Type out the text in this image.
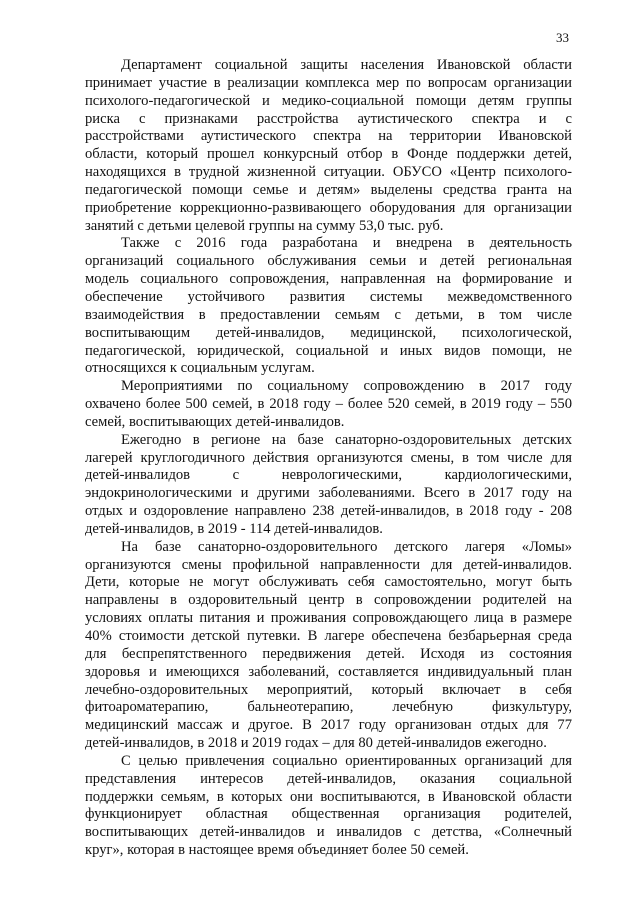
33
Департамент социальной защиты населения Ивановской области
принимает участие в реализации комплекса мер по вопросам организации
психолого-педагогической и медико-социальной помощи детям группы
риска с признаками расстройства аутистического спектра и с
расстройствами аутистического спектра на территории Ивановской
области, который прошел конкурсный отбор в Фонде поддержки детей,
находящихся в трудной жизненной ситуации. ОБУСО «Центр психолого-
педагогической помощи семье и детям» выделены средства гранта на
приобретение коррекционно-развивающего оборудования для организации
занятий с детьми целевой группы на сумму 53,0 тыс. руб.
Также с 2016 года разработана и внедрена в деятельность
организаций социального обслуживания семьи и детей региональная
модель социального сопровождения, направленная на формирование и
обеспечение устойчивого развития системы межведомственного
взаимодействия в предоставлении семьям с детьми, в том числе
воспитывающим детей-инвалидов, медицинской, психологической,
педагогической, юридической, социальной и иных видов помощи, не
относящихся к социальным услугам.
Мероприятиями по социальному сопровождению в 2017 году
охвачено более 500 семей, в 2018 году – более 520 семей, в 2019 году – 550
семей, воспитывающих детей-инвалидов.
Ежегодно в регионе на базе санаторно-оздоровительных детских
лагерей круглогодичного действия организуются смены, в том числе для
детей-инвалидов с неврологическими, кардиологическими,
эндокринологическими и другими заболеваниями. Всего в 2017 году на
отдых и оздоровление направлено 238 детей-инвалидов, в 2018 году - 208
детей-инвалидов, в 2019 - 114 детей-инвалидов.
На базе санаторно-оздоровительного детского лагеря «Ломы»
организуются смены профильной направленности для детей-инвалидов.
Дети, которые не могут обслуживать себя самостоятельно, могут быть
направлены в оздоровительный центр в сопровождении родителей на
условиях оплаты питания и проживания сопровождающего лица в размере
40% стоимости детской путевки. В лагере обеспечена безбарьерная среда
для беспрепятственного передвижения детей. Исходя из состояния
здоровья и имеющихся заболеваний, составляется индивидуальный план
лечебно-оздоровительных мероприятий, который включает в себя
фитоароматерапию, бальнеотерапию, лечебную физкультуру,
медицинский массаж и другое. В 2017 году организован отдых для 77
детей-инвалидов, в 2018 и 2019 годах – для 80 детей-инвалидов ежегодно.
С целью привлечения социально ориентированных организаций для
представления интересов детей-инвалидов, оказания социальной
поддержки семьям, в которых они воспитываются, в Ивановской области
функционирует областная общественная организация родителей,
воспитывающих детей-инвалидов и инвалидов с детства, «Солнечный
круг», которая в настоящее время объединяет более 50 семей.
